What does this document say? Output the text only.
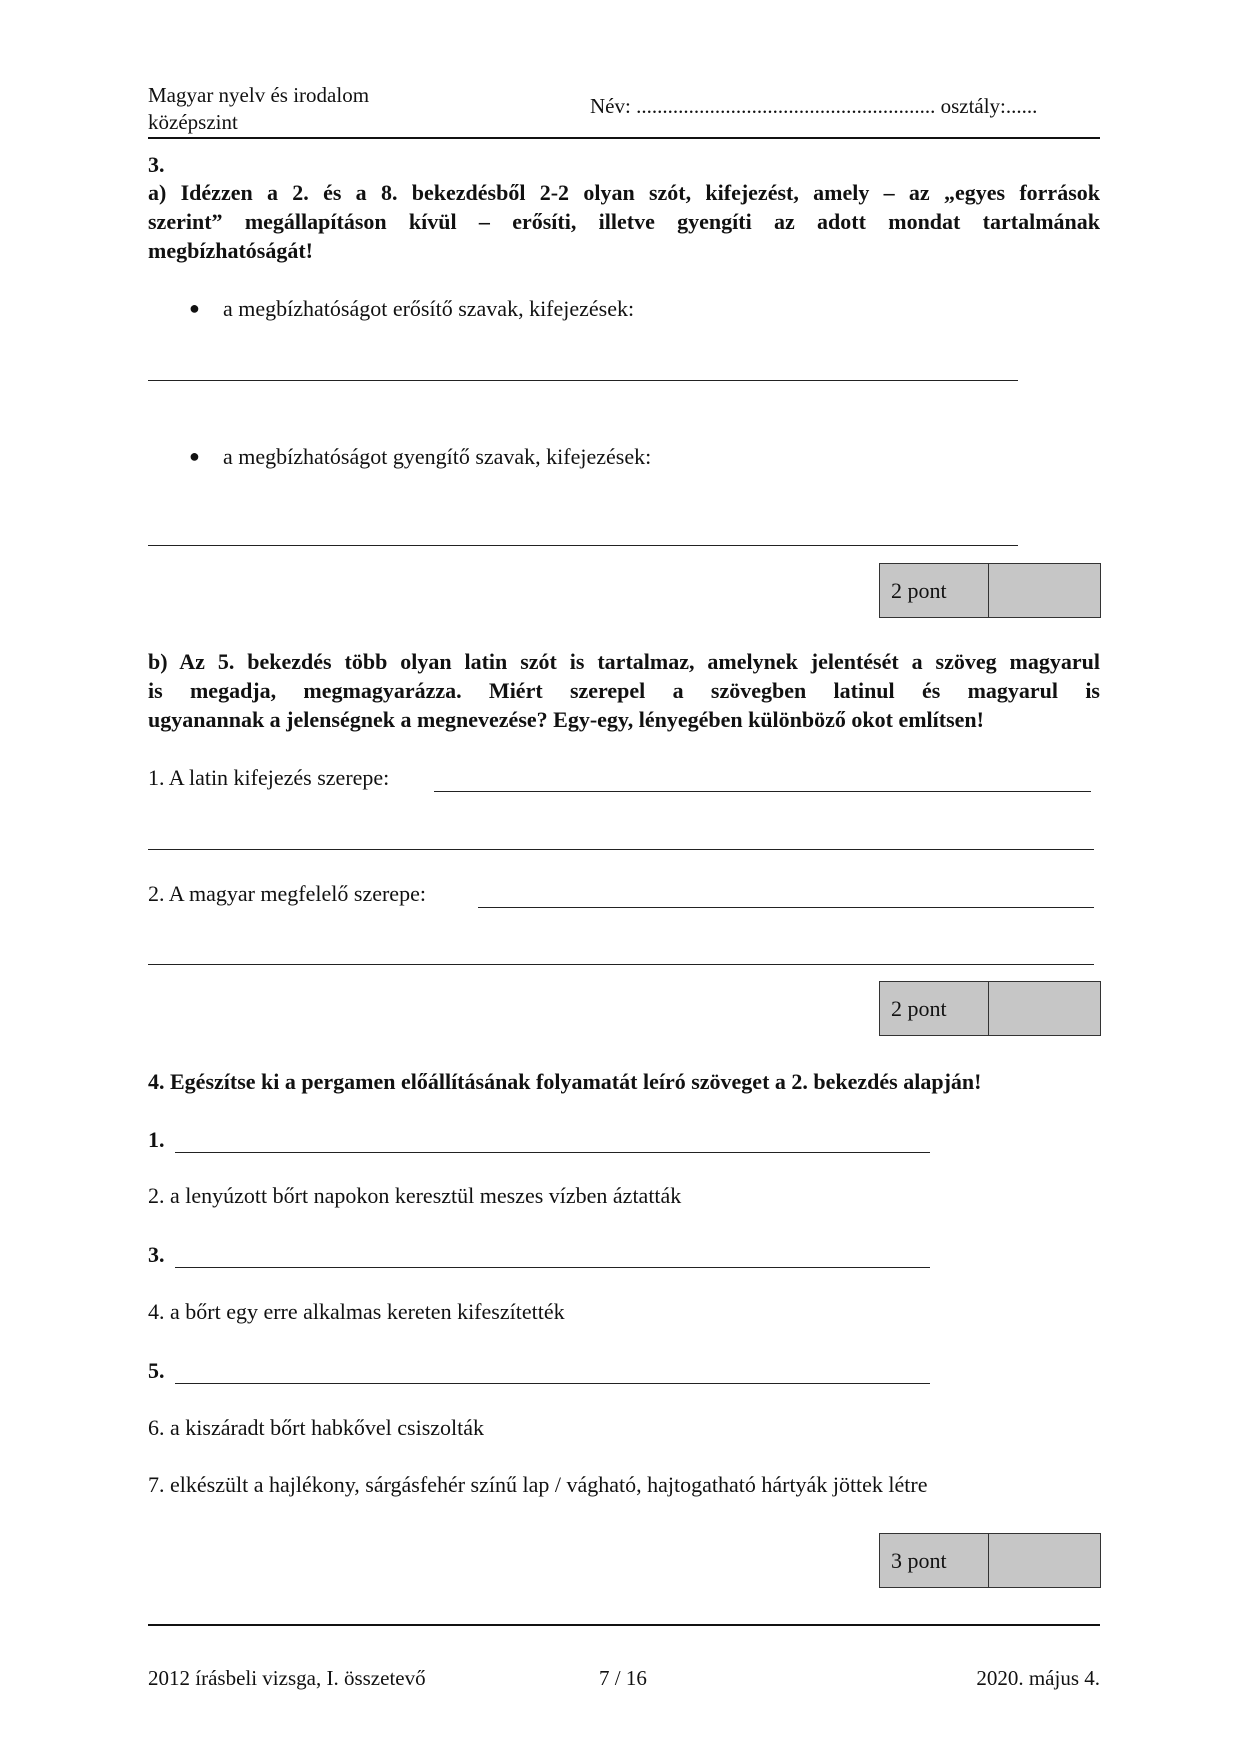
Magyar nyelv és irodalom
középszint
Név: ......................................................... osztály:......
3.
a) Idézzen a 2. és a 8. bekezdésből 2-2 olyan szót, kifejezést, amely – az „egyes források
szerint” megállapításon kívül – erősíti, illetve gyengíti az adott mondat tartalmának
megbízhatóságát!
● a megbízhatóságot erősítő szavak, kifejezések:
● a megbízhatóságot gyengítő szavak, kifejezések:
2 pont
b) Az 5. bekezdés több olyan latin szót is tartalmaz, amelynek jelentését a szöveg magyarul
is megadja, megmagyarázza. Miért szerepel a szövegben latinul és magyarul is
ugyanannak a jelenségnek a megnevezése? Egy-egy, lényegében különböző okot említsen!
1. A latin kifejezés szerepe:
2. A magyar megfelelő szerepe:
2 pont
4. Egészítse ki a pergamen előállításának folyamatát leíró szöveget a 2. bekezdés alapján!
1.
2. a lenyúzott bőrt napokon keresztül meszes vízben áztatták
3.
4. a bőrt egy erre alkalmas kereten kifeszítették
5.
6. a kiszáradt bőrt habkővel csiszolták
7. elkészült a hajlékony, sárgásfehér színű lap / vágható, hajtogatható hártyák jöttek létre
3 pont
2012 írásbeli vizsga, I. összetevő	7 / 16	2020. május 4.
